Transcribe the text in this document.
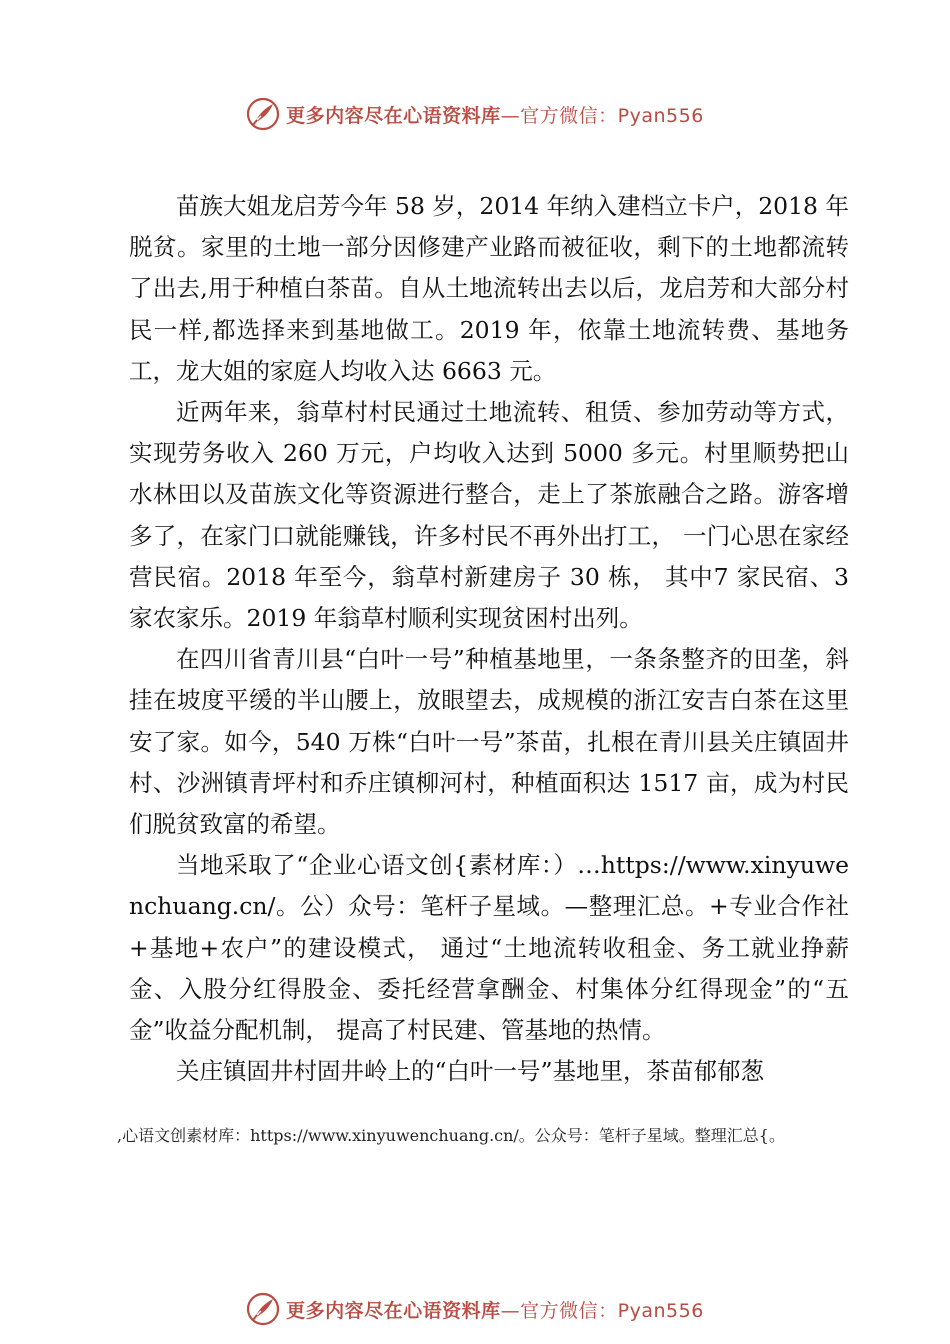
更多内容尽在心语资料库—官方微信：Pyan556

苗族大姐龙启芳今年 58 岁，2014 年纳入建档立卡户，2018 年脱贫。家里的土地一部分因修建产业路而被征收，剩下的土地都流转了出去,用于种植白茶苗。自从土地流转出去以后，龙启芳和大部分村民一样,都选择来到基地做工。2019 年，依靠土地流转费、基地务工，龙大姐的家庭人均收入达 6663 元。

近两年来，翁草村村民通过土地流转、租赁、参加劳动等方式， 实现劳务收入 260 万元，户均收入达到 5000 多元。村里顺势把山水林田以及苗族文化等资源进行整合，走上了茶旅融合之路。游客增多了，在家门口就能赚钱，许多村民不再外出打工， 一门心思在家经营民宿。2018 年至今，翁草村新建房子 30 栋， 其中7 家民宿、3 家农家乐。2019 年翁草村顺利实现贫困村出列。

在四川省青川县“白叶一号”种植基地里，一条条整齐的田垄，斜挂在坡度平缓的半山腰上，放眼望去，成规模的浙江安吉白茶在这里安了家。如今，540 万株“白叶一号”茶苗，扎根在青川县关庄镇固井村、沙洲镇青坪村和乔庄镇柳河村，种植面积达 1517 亩，成为村民们脱贫致富的希望。

当地采取了“企业心语文创{素材库：）…https://www.xinyuwenchuang.cn/。公）众号：笔杆子星域。—整理汇总。+专业合作社+基地+农户”的建设模式， 通过“土地流转收租金、务工就业挣薪金、入股分红得股金、委托经营拿酬金、村集体分红得现金”的“五金”收益分配机制， 提高了村民建、管基地的热情。

关庄镇固井村固井岭上的“白叶一号”基地里，茶苗郁郁葱

,心语文创素材库：https://www.xinyuwenchuang.cn/。公众号：笔杆子星域。整理汇总{。
更多内容尽在心语资料库—官方微信：Pyan556
